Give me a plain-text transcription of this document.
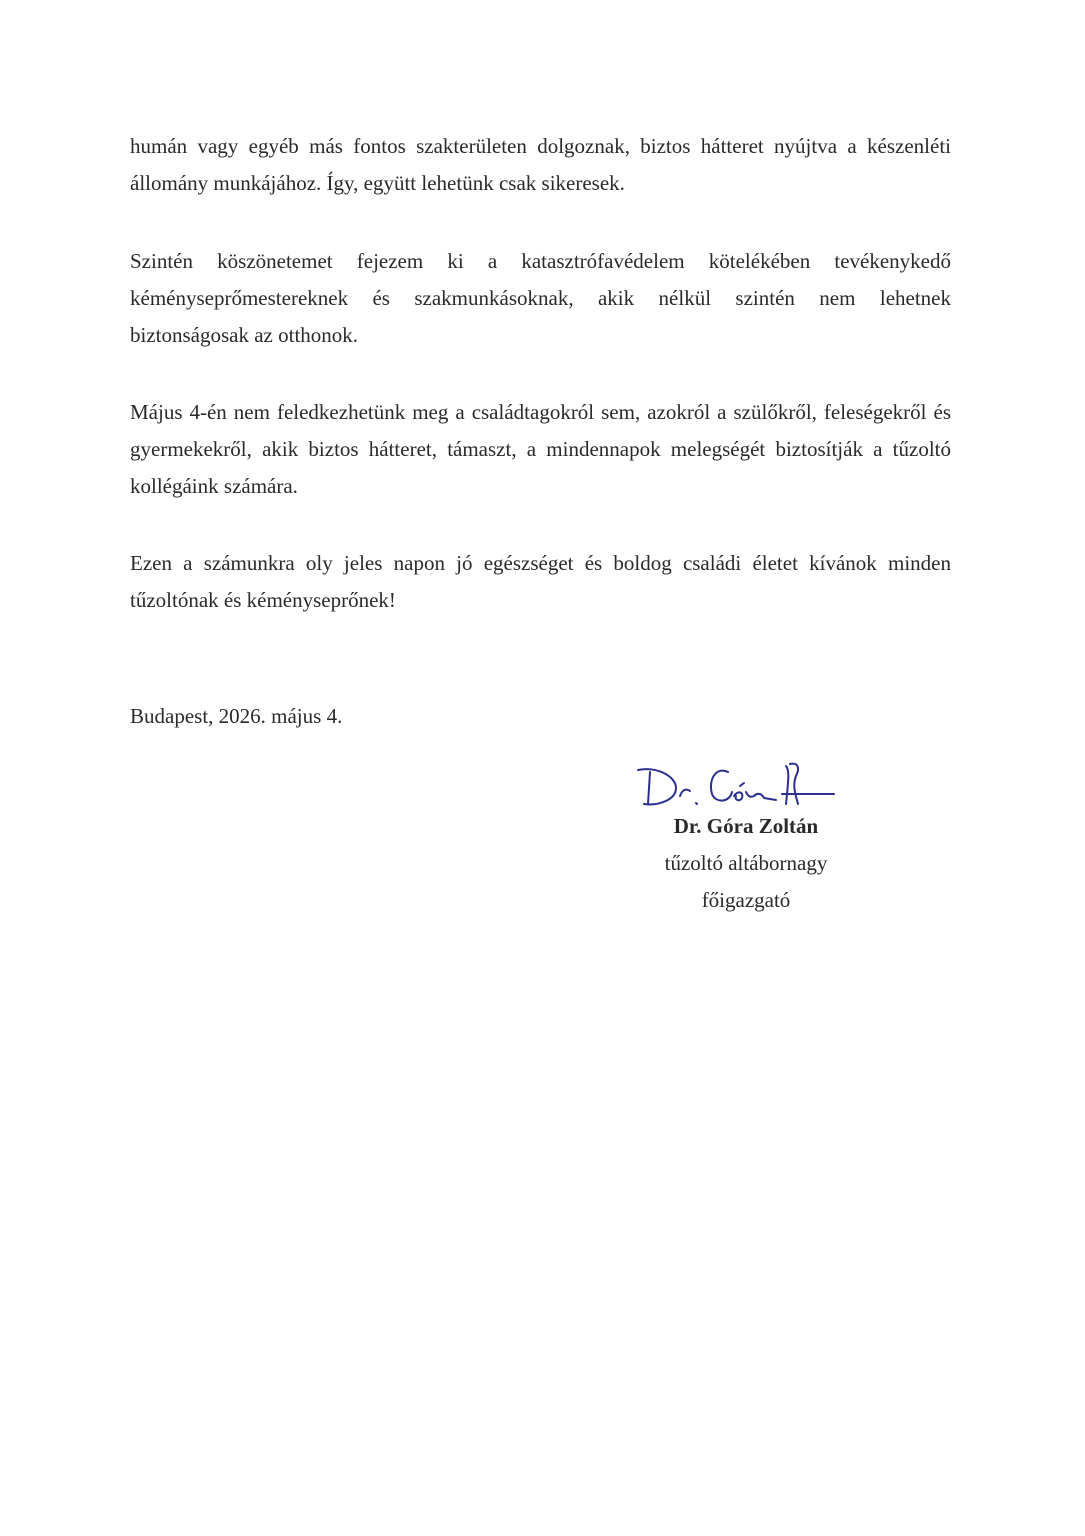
humán vagy egyéb más fontos szakterületen dolgoznak, biztos hátteret nyújtva a készenléti
állomány munkájához. Így, együtt lehetünk csak sikeresek.

Szintén köszönetemet fejezem ki a katasztrófavédelem kötelékében tevékenykedő
kéményseprőmestereknek és szakmunkásoknak, akik nélkül szintén nem lehetnek
biztonságosak az otthonok.

Május 4-én nem feledkezhetünk meg a családtagokról sem, azokról a szülőkről, feleségekről és
gyermekekről, akik biztos hátteret, támaszt, a mindennapok melegségét biztosítják a tűzoltó
kollégáink számára.

Ezen a számunkra oly jeles napon jó egészséget és boldog családi életet kívánok minden
tűzoltónak és kéményseprőnek!

Budapest, 2026. május 4.

Dr. Góra Zoltán

tűzoltó altábornagy

főigazgató
